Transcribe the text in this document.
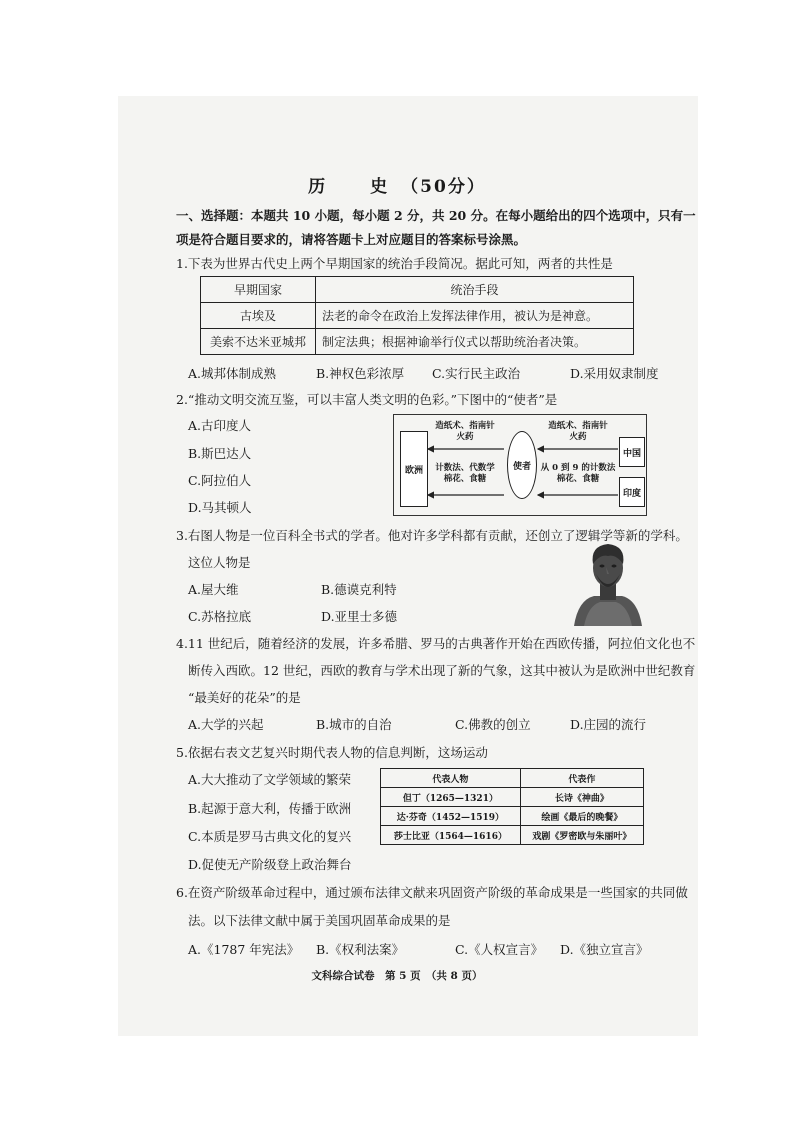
历　史（50分）
一、选择题：本题共 10 小题，每小题 2 分，共 20 分。在每小题给出的四个选项中，只有一
项是符合题目要求的，请将答题卡上对应题目的答案标号涂黑。
1.下表为世界古代史上两个早期国家的统治手段简况。据此可知，两者的共性是
早期国家	统治手段
古埃及	法老的命令在政治上发挥法律作用，被认为是神意。
美索不达米亚城邦	制定法典；根据神谕举行仪式以帮助统治者决策。
A.城邦体制成熟	B.神权色彩浓厚 C.实行民主政治	D.采用奴隶制度
2.“推动文明交流互鉴，可以丰富人类文明的色彩。”下图中的“使者”是
A.古印度人
B.斯巴达人
C.阿拉伯人
D.马其顿人
欧洲	使者
中国
印度
造纸术、指南针
火药
造纸术、指南针
火药
计数法、代数学
棉花、食糖
从 0 到 9 的计数法
棉花、食糖
3.右图人物是一位百科全书式的学者。他对许多学科都有贡献，还创立了逻辑学等新的学科。
这位人物是
A.屋大维	B.德谟克利特
C.苏格拉底	D.亚里士多德
4.11 世纪后，随着经济的发展，许多希腊、罗马的古典著作开始在西欧传播，阿拉伯文化也不
断传入西欧。12 世纪，西欧的教育与学术出现了新的气象，这其中被认为是欧洲中世纪教育
“最美好的花朵”的是
A.大学的兴起	B.城市的自治	C.佛教的创立	D.庄园的流行
5.依据右表文艺复兴时期代表人物的信息判断，这场运动
A.大大推动了文学领域的繁荣
B.起源于意大利，传播于欧洲
C.本质是罗马古典文化的复兴
D.促使无产阶级登上政治舞台
代表人物	代表作
但丁（1265—1321）	长诗《神曲》
达·芬奇（1452—1519）	绘画《最后的晚餐》
莎士比亚（1564—1616）	戏剧《罗密欧与朱丽叶》
6.在资产阶级革命过程中，通过颁布法律文献来巩固资产阶级的革命成果是一些国家的共同做
法。以下法律文献中属于美国巩固革命成果的是
A.《1787 年宪法》 B.《权利法案》	C.《人权宣言》 D.《独立宣言》
文科综合试卷　第 5 页　（共 8 页）
